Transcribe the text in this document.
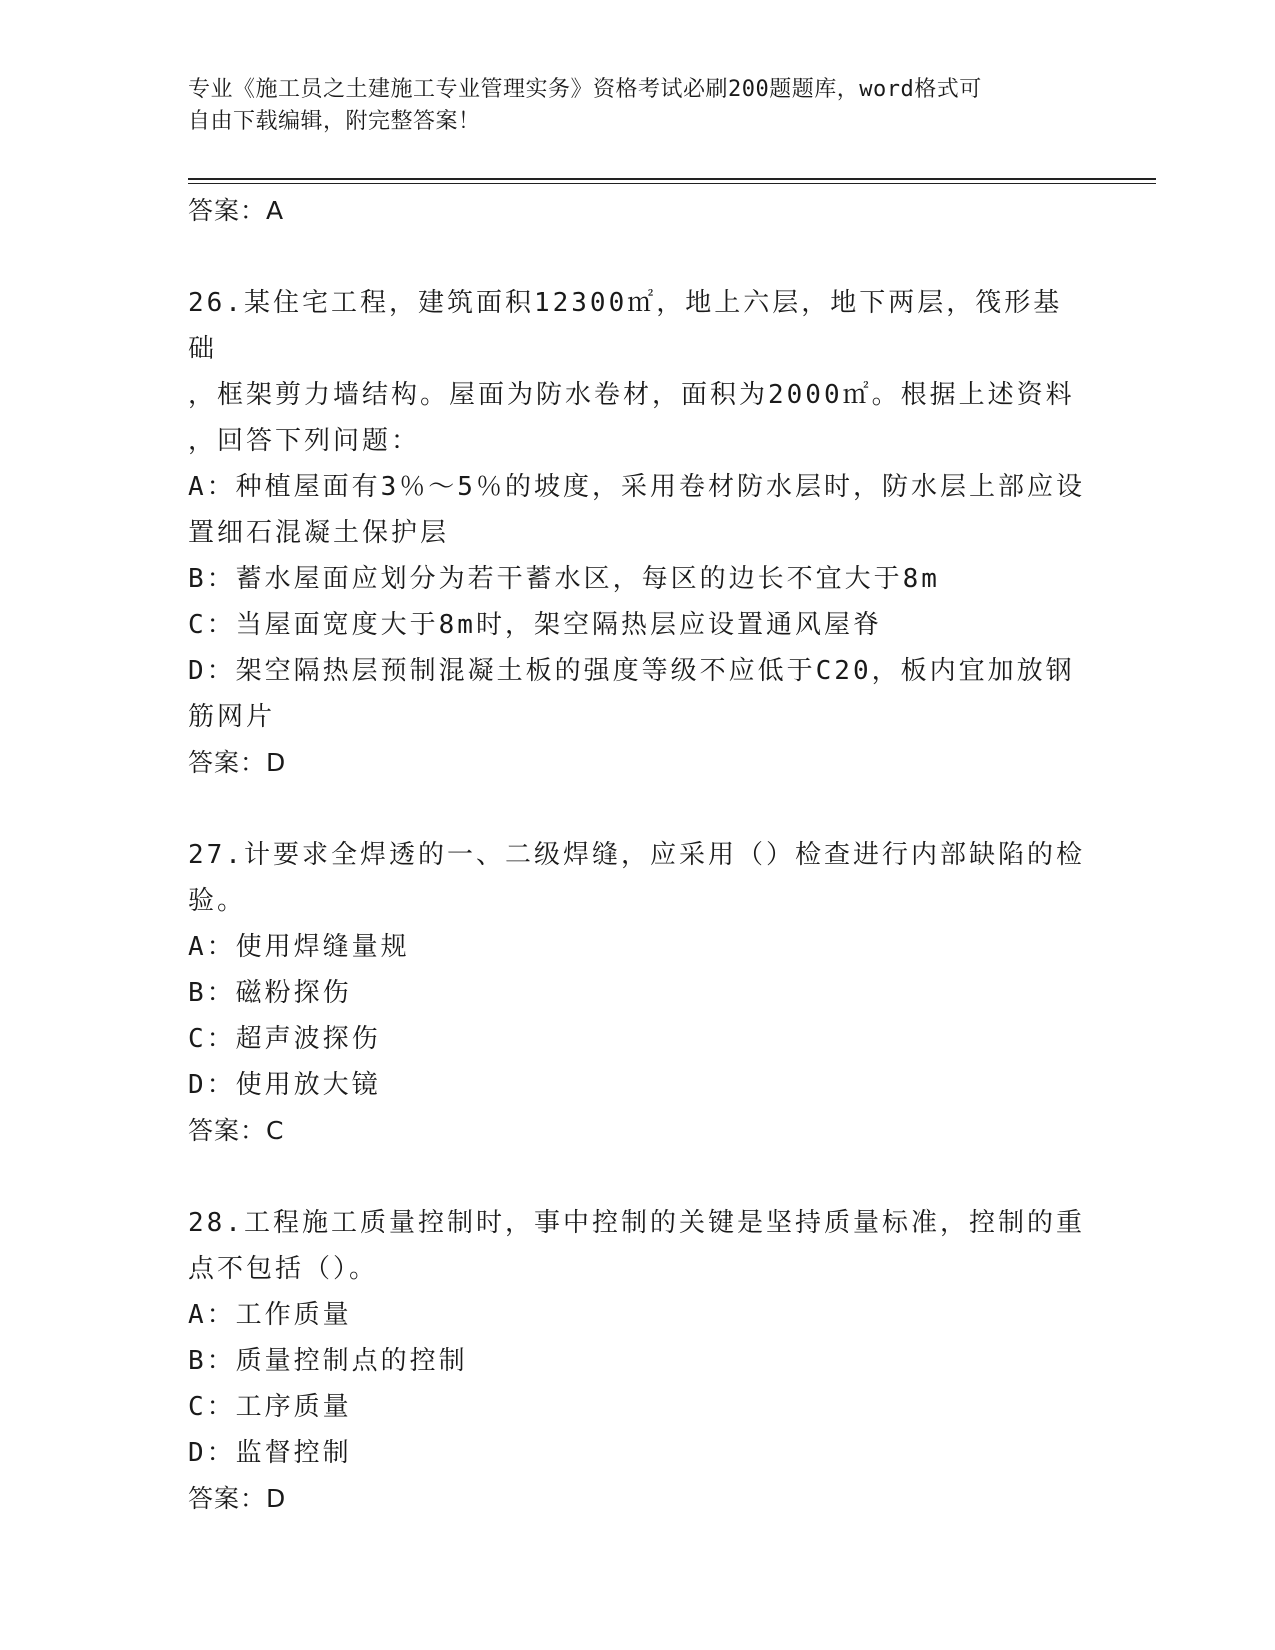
专业《施工员之土建施工专业管理实务》资格考试必刷200题题库，word格式可
自由下载编辑，附完整答案！
答案：A
26.某住宅工程，建筑面积12300㎡，地上六层，地下两层，筏形基础
，框架剪力墙结构。屋面为防水卷材，面积为2000㎡。根据上述资料
，回答下列问题：
A：种植屋面有3％～5％的坡度，采用卷材防水层时，防水层上部应设
置细石混凝土保护层
B：蓄水屋面应划分为若干蓄水区，每区的边长不宜大于8m
C：当屋面宽度大于8m时，架空隔热层应设置通风屋脊
D：架空隔热层预制混凝土板的强度等级不应低于C20，板内宜加放钢
筋网片
答案：D
27.计要求全焊透的一、二级焊缝，应采用（）检查进行内部缺陷的检
验。
A：使用焊缝量规
B：磁粉探伤
C：超声波探伤
D：使用放大镜
答案：C
28.工程施工质量控制时，事中控制的关键是坚持质量标准，控制的重
点不包括（）。
A：工作质量
B：质量控制点的控制
C：工序质量
D：监督控制
答案：D
